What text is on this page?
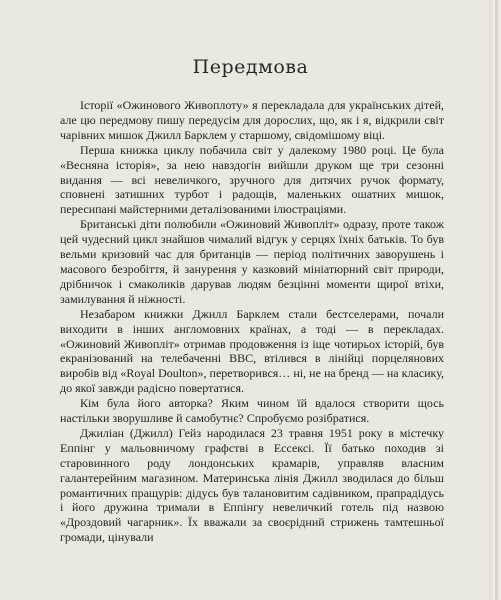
Передмова

Історії «Ожинового Живоплоту» я перекладала для українських дітей, але цю передмову пишу передусім для дорослих, що, як і я, відкрили світ чарівних мишок Джилл Барклем у старшому, свідомішому віці.

Перша книжка циклу побачила світ у далекому 1980 році. Це була «Весняна історія», за нею навздогін вийшли друком ще три сезонні видання — всі невеличкого, зручного для дитячих ручок формату, сповнені затишних турбот і радощів, маленьких ошатних мишок, пересипані майстерними деталізованими ілюстраціями.

Британські діти полюбили «Ожиновий Живопліт» одразу, проте також цей чудесний цикл знайшов чималий відгук у серцях їхніх батьків. То був вельми кризовий час для британців — період політичних заворушень і масового безробіття, й занурення у казковий мініатюрний світ природи, дрібничок і смаколиків дарував людям безцінні моменти щирої втіхи, замилування й ніжності.

Незабаром книжки Джилл Барклем стали бестселерами, почали виходити в інших англомовних країнах, а тоді — в перекладах. «Ожиновий Живопліт» отримав продовження із іще чотирьох історій, був екранізований на телебаченні BBC, втілився в лінійці порцелянових виробів від «Royal Doulton», перетворився… ні, не на бренд — на класику, до якої завжди радісно повертатися.

Кім була його авторка? Яким чином їй вдалося створити щось настільки зворушливе й самобутнє? Спробуємо розібратися.

Джиліан (Джилл) Гейз народилася 23 травня 1951 року в містечку Еппінг у мальовничому графстві в Ессексі. Її батько походив зі старовинного роду лондонських крамарів, управляв власним галантерейним магазином. Материнська лінія Джилл зводилася до більш романтичних пращурів: дідусь був талановитим садівником, прапрадідусь і його дружина тримали в Еппінгу невеличкий готель під назвою «Дроздовий чагарник». Їх вважали за своєрідний стрижень тамтешньої громади, цінували
